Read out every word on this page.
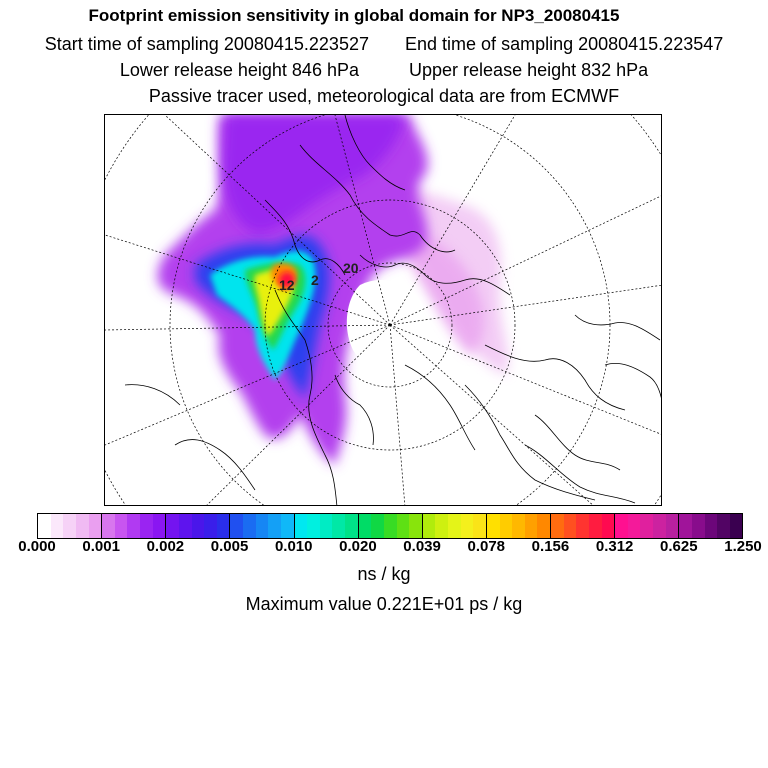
Footprint emission sensitivity in global domain for NP3_20080415
Start time of sampling 20080415.223527 End time of sampling 20080415.223547
Lower release height 846 hPa	Upper release height 832 hPa
Passive tracer used, meteorological data are from ECMWF
20
12 2
0.000 0.001 0.002 0.005 0.010 0.020 0.039 0.078 0.156 0.312 0.625 1.250
ns / kg
Maximum value 0.221E+01 ps / kg
